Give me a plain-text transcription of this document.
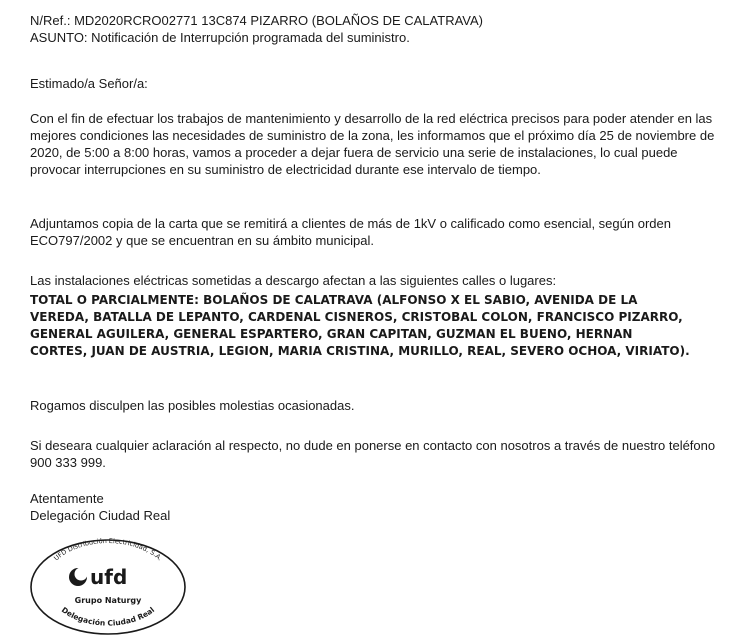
N/Ref.: MD2020RCRO02771 13C874 PIZARRO (BOLAÑOS DE CALATRAVA)

ASUNTO: Notificación de Interrupción programada del suministro.

Estimado/a Señor/a:
Con el fin de efectuar los trabajos de mantenimiento y desarrollo de la red eléctrica precisos para poder atender en las mejores condiciones las necesidades de suministro de la zona, les informamos que el próximo día 25 de noviembre de 2020, de 5:00 a 8:00 horas, vamos a proceder a dejar fuera de servicio una serie de instalaciones, lo cual puede provocar interrupciones en su suministro de electricidad durante ese intervalo de tiempo.
Adjuntamos copia de la carta que se remitirá a clientes de más de 1kV o calificado como esencial, según orden ECO797/2002 y que se encuentran en su ámbito municipal.
Las instalaciones eléctricas sometidas a descargo afectan a las siguientes calles o lugares:
TOTAL O PARCIALMENTE: BOLAÑOS DE CALATRAVA (ALFONSO X EL SABIO, AVENIDA DE LA VEREDA, BATALLA DE LEPANTO, CARDENAL CISNEROS, CRISTOBAL COLON, FRANCISCO PIZARRO, GENERAL AGUILERA, GENERAL ESPARTERO, GRAN CAPITAN, GUZMAN EL BUENO, HERNAN CORTES, JUAN DE AUSTRIA, LEGION, MARIA CRISTINA, MURILLO, REAL, SEVERO OCHOA, VIRIATO).
Rogamos disculpen las posibles molestias ocasionadas.
Si deseara cualquier aclaración al respecto, no dude en ponerse en contacto con nosotros a través de nuestro teléfono 900 333 999.

Atentamente

Delegación Ciudad Real

UFD Distribución Electricidad, S.A.
ufd
Grupo Naturgy
Delegación Ciudad Real
